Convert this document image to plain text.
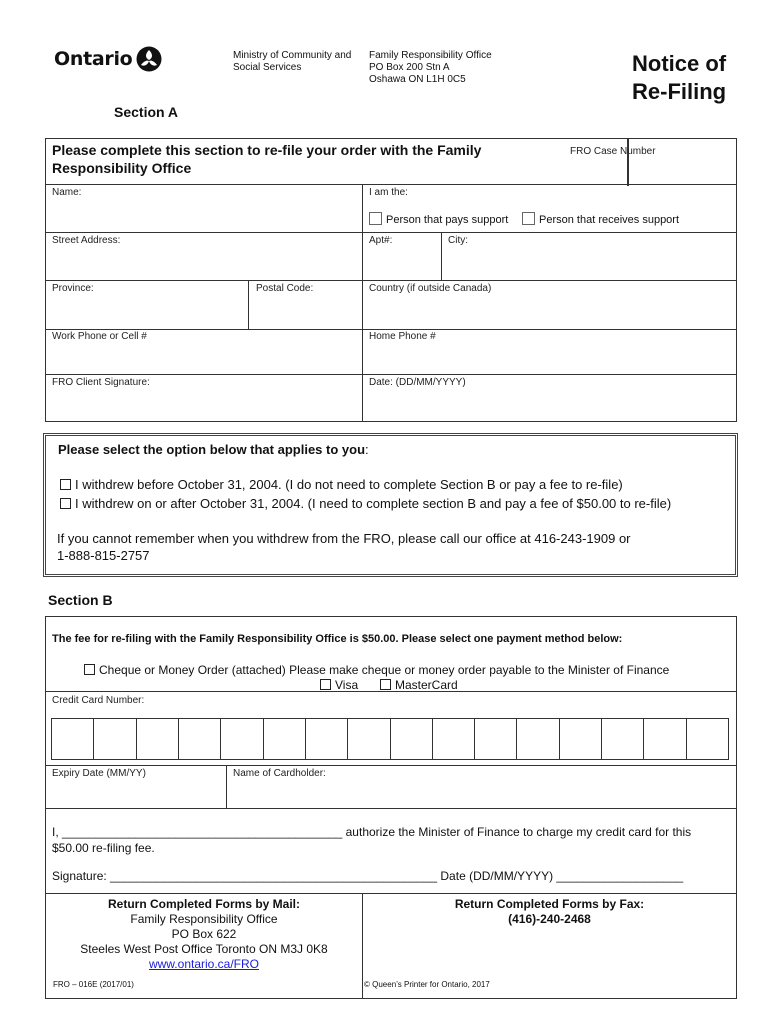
Ontario	Ministry of Community and
Social Services
Family Responsibility Office
PO Box 200 Stn A
Oshawa ON L1H 0C5
Notice of
Re-Filing
Section A
Please complete this section to re-file your order with the Family Responsibility Office
FRO Case Number
Name:	I am the:
Person that pays support	Person that receives support
Street Address:	Apt#:	City:
Province:	Postal Code:	Country (if outside Canada)
Work Phone or Cell #	Home Phone #
FRO Client Signature:	Date: (DD/MM/YYYY)
Please select the option below that applies to you:
I withdrew before October 31, 2004. (I do not need to complete Section B or pay a fee to re-file)
I withdrew on or after October 31, 2004. (I need to complete section B and pay a fee of $50.00 to re-file)
If you cannot remember when you withdrew from the FRO, please call our office at 416-243-1909 or
1-888-815-2757
Section B
The fee for re-filing with the Family Responsibility Office is $50.00. Please select one payment method below:
Cheque or Money Order (attached) Please make cheque or money order payable to the Minister of Finance
Visa	MasterCard
Credit Card Number:
Expiry Date (MM/YY)	Name of Cardholder:
I, __________________________________________ authorize the Minister of Finance to charge my credit card for this
$50.00 re-filing fee.
Signature: _________________________________________________ Date (DD/MM/YYYY) ___________________
Return Completed Forms by Mail:
Family Responsibility Office
PO Box 622
Steeles West Post Office Toronto ON M3J 0K8
www.ontario.ca/FRO
Return Completed Forms by Fax:
(416)-240-2468
FRO – 016E (2017/01)	© Queen’s Printer for Ontario, 2017
